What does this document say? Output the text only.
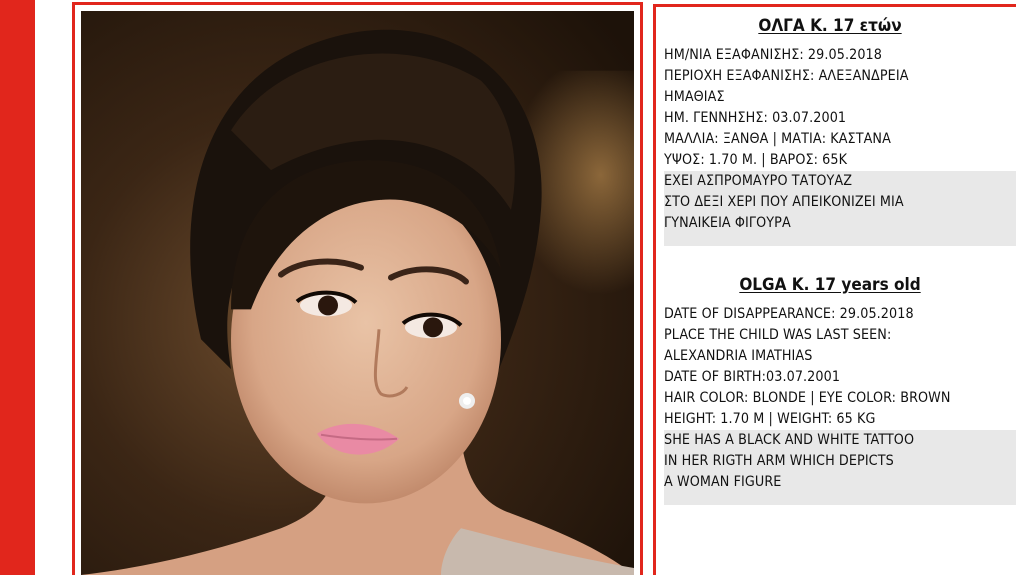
ΟΛΓΑ Κ. 17 ετών
ΗΜ/ΝΙΑ ΕΞΑΦΑΝΙΣΗΣ: 29.05.2018
ΠΕΡΙΟΧΗ ΕΞΑΦΑΝΙΣΗΣ: ΑΛΕΞΑΝΔΡΕΙΑ
ΗΜΑΘΙΑΣ
ΗΜ. ΓΕΝΝΗΣΗΣ: 03.07.2001
ΜΑΛΛΙΑ: ΞΑΝΘΑ | ΜΑΤΙΑ: ΚΑΣΤΑΝΑ
ΥΨΟΣ: 1.70 Μ. | ΒΑΡΟΣ: 65Κ
ΕΧΕΙ ΑΣΠΡΟΜΑΥΡΟ ΤΑΤΟΥΑΖ
ΣΤΟ ΔΕΞΙ ΧΕΡΙ ΠΟΥ ΑΠΕΙΚΟΝΙΖΕΙ ΜΙΑ
ΓΥΝΑΙΚΕΙΑ ΦΙΓΟΥΡΑ
OLGA K. 17 years old
DATE OF DISAPPEARANCE: 29.05.2018
PLACE THE CHILD WAS LAST SEEN:
ALEXANDRIA IMATHIAS
DATE OF BIRTH:03.07.2001
HAIR COLOR: BLONDE | EYE COLOR: BROWN
HEIGHT: 1.70 M | WEIGHT: 65 KG
SHE HAS A BLACK AND WHITE TATTOO
IN HER RIGTH ARM WHICH DEPICTS
A WOMAN FIGURE
